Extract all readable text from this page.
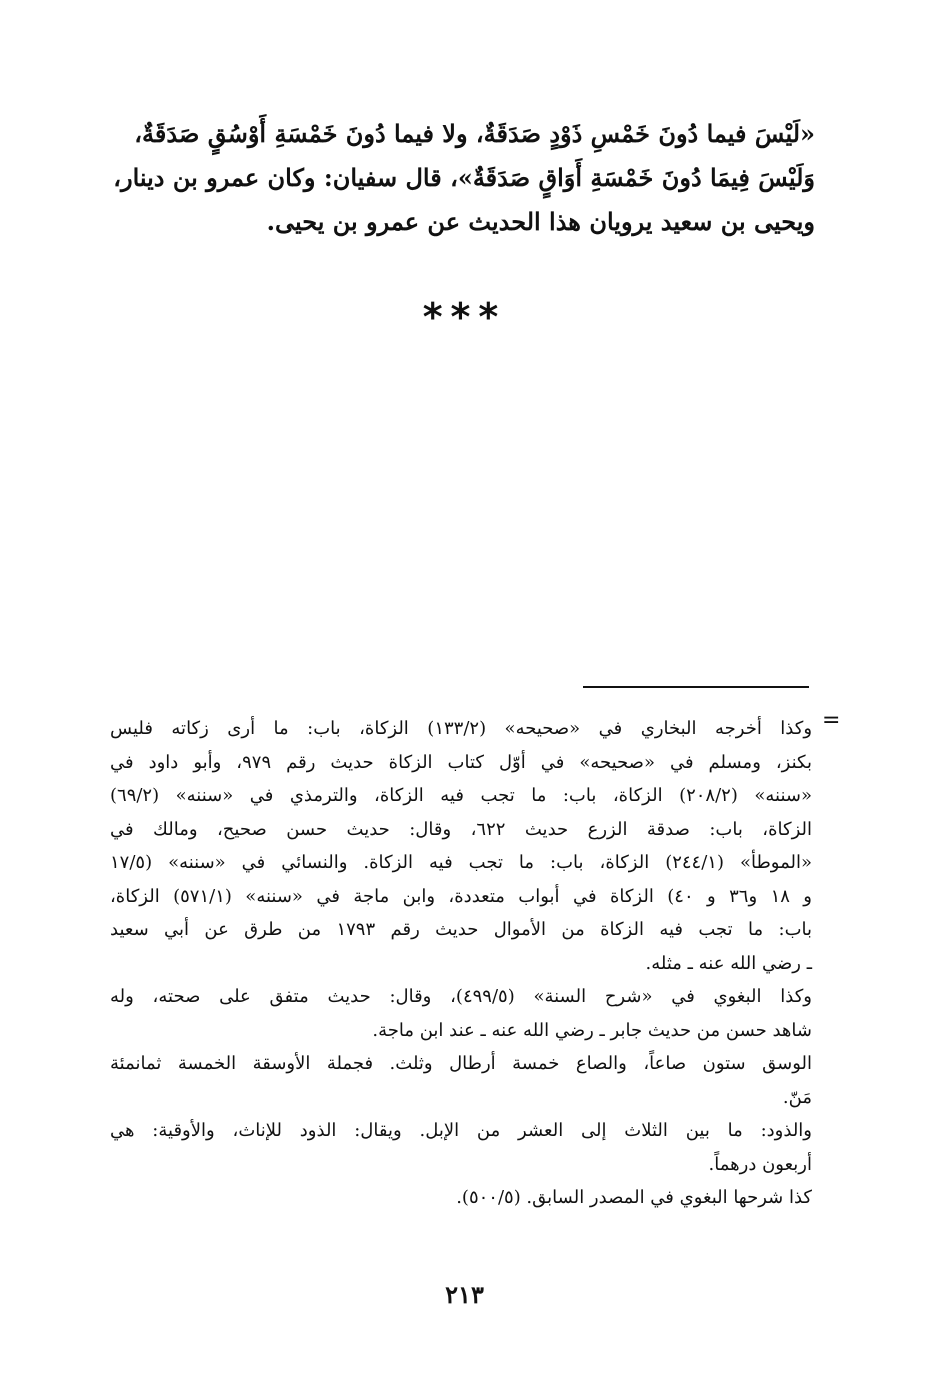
«لَيْسَ فيما دُونَ خَمْسِ ذَوْدٍ صَدَقَةٌ، ولا فيما دُونَ خَمْسَةِ أَوْسُقٍ صَدَقَةٌ،

وَلَيْسَ فِيمَا دُونَ خَمْسَةِ أَوَاقٍ صَدَقَةٌ»، قال سفيان: وكان عمرو بن دينار،

ويحيى بن سعيد يرويان هذا الحديث عن عمرو بن يحيى.

***
=

وكذا أخرجه البخاري في «صحيحه» (١٣٣/٢) الزكاة، باب: ما أرى زكاته فليس

بكنز، ومسلم في «صحيحه» في أوّل كتاب الزكاة حديث رقم ٩٧٩، وأبو داود في

«سننه» (٢٠٨/٢) الزكاة، باب: ما تجب فيه الزكاة، والترمذي في «سننه» (٦٩/٢)

الزكاة، باب: صدقة الزرع حديث ٦٢٢، وقال: حديث حسن صحيح، ومالك في

«الموطأ» (٢٤٤/١) الزكاة، باب: ما تجب فيه الزكاة. والنسائي في «سننه» (١٧/٥

و ١٨ و٣٦ و ٤٠) الزكاة في أبواب متعددة، وابن ماجة في «سننه» (٥٧١/١) الزكاة،

باب: ما تجب فيه الزكاة من الأموال حديث رقم ١٧٩٣ من طرق عن أبي سعيد

ـ رضي الله عنه ـ مثله.

وكذا البغوي في «شرح السنة» (٤٩٩/٥)، وقال: حديث متفق على صحته، وله

شاهد حسن من حديث جابر ـ رضي الله عنه ـ عند ابن ماجة.

الوسق ستون صاعاً، والصاع خمسة أرطال وثلث. فجملة الأوسقة الخمسة ثمانمئة

مَنّ.

والذود: ما بين الثلاث إلى العشر من الإبل. ويقال: الذود للإناث، والأوقية: هي

أربعون درهماً.

كذا شرحها البغوي في المصدر السابق. (٥٠٠/٥).

٢١٣
